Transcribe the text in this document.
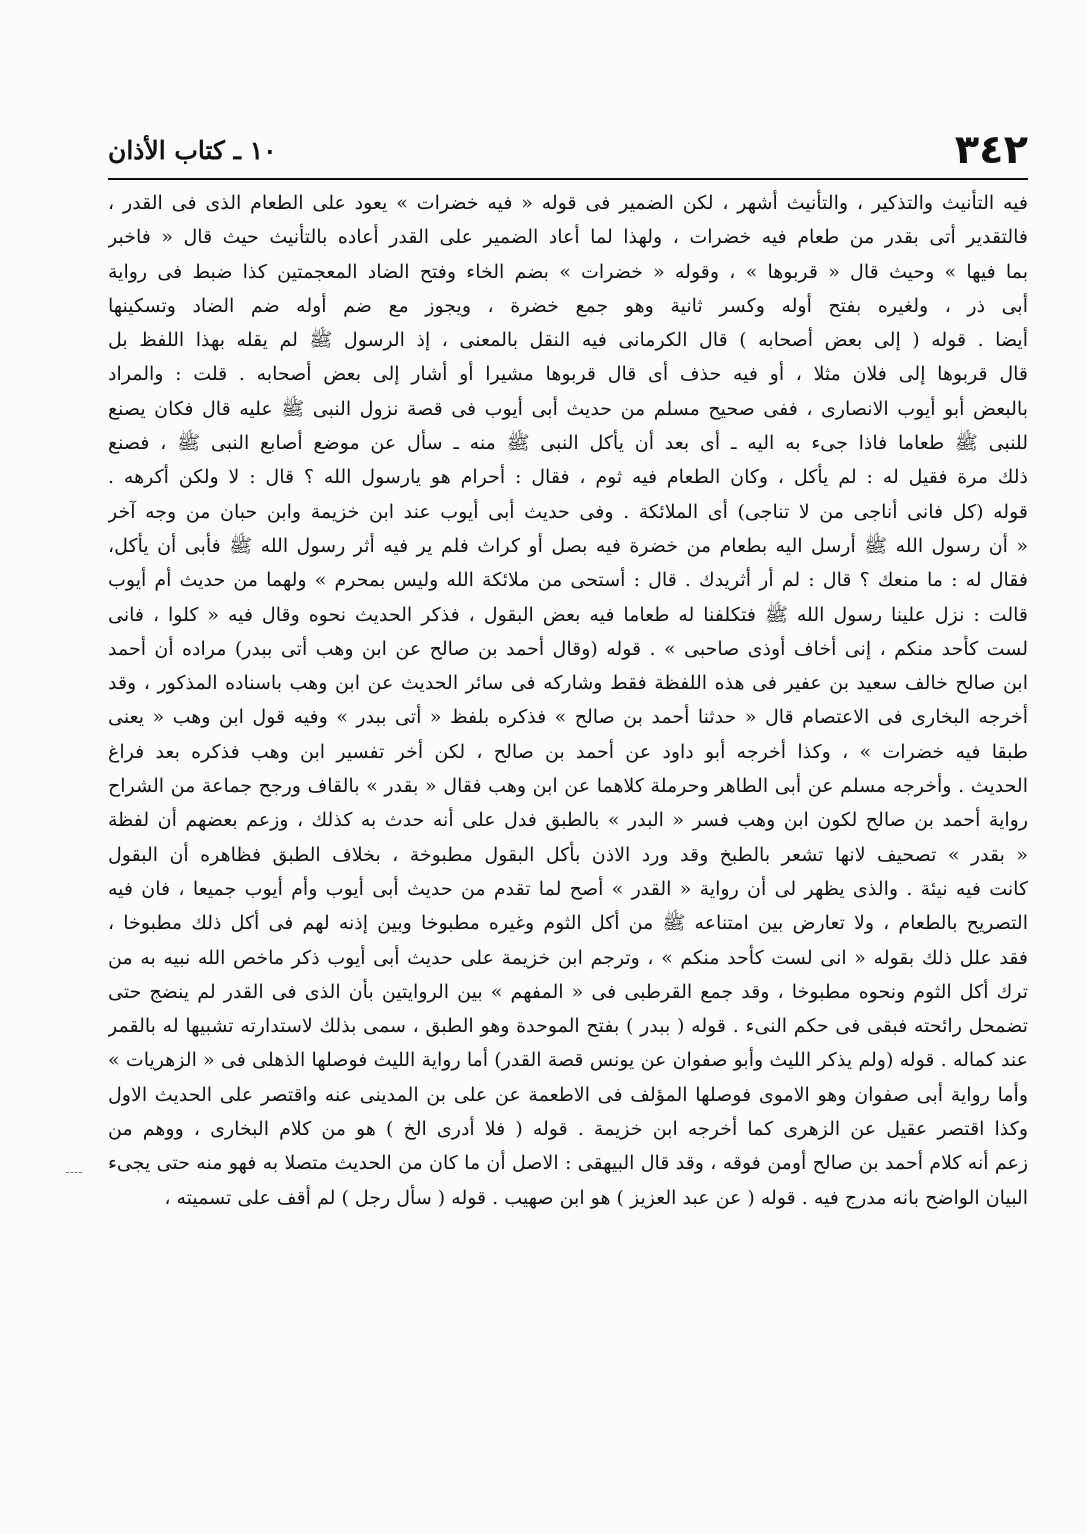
٣٤٢
١٠ ـ كتاب الأذان
فيه التأنيث والتذكير ، والتأنيث أشهر ، لكن الضمير فى قوله « فيه خضرات » يعود على الطعام الذى فى القدر ،
فالتقدير أتى بقدر من طعام فيه خضرات ، ولهذا لما أعاد الضمير على القدر أعاده بالتأنيث حيث قال « فاخبر
بما فيها » وحيث قال « قربوها » ، وقوله « خضرات » بضم الخاء وفتح الضاد المعجمتين كذا ضبط فى رواية
أبى ذر ، ولغيره بفتح أوله وكسر ثانية وهو جمع خضرة ، ويجوز مع ضم أوله ضم الضاد وتسكينها
أيضا . قوله ( إلى بعض أصحابه ) قال الكرمانى فيه النقل بالمعنى ، إذ الرسول ﷺ لم يقله بهذا اللفظ بل
قال قربوها إلى فلان مثلا ، أو فيه حذف أى قال قربوها مشيرا أو أشار إلى بعض أصحابه . قلت : والمراد
بالبعض أبو أيوب الانصارى ، ففى صحيح مسلم من حديث أبى أيوب فى قصة نزول النبى ﷺ عليه قال فكان يصنع
للنبى ﷺ طعاما فاذا جىء به اليه ـ أى بعد أن يأكل النبى ﷺ منه ـ سأل عن موضع أصابع النبى ﷺ ، فصنع
ذلك مرة فقيل له : لم يأكل ، وكان الطعام فيه ثوم ، فقال : أحرام هو يارسول الله ؟ قال : لا ولكن أكرهه .
قوله (كل فانى أناجى من لا تناجى) أى الملائكة . وفى حديث أبى أيوب عند ابن خزيمة وابن حبان من وجه آخر
« أن رسول الله ﷺ أرسل اليه بطعام من خضرة فيه بصل أو كراث فلم ير فيه أثر رسول الله ﷺ فأبى أن يأكل،
فقال له : ما منعك ؟ قال : لم أر أثريدك . قال : أستحى من ملائكة الله وليس بمحرم » ولهما من حديث أم أيوب
قالت : نزل علينا رسول الله ﷺ فتكلفنا له طعاما فيه بعض البقول ، فذكر الحديث نحوه وقال فيه « كلوا ، فانى
لست كأحد منكم ، إنى أخاف أوذى صاحبى » . قوله (وقال أحمد بن صالح عن ابن وهب أتى ببدر) مراده أن أحمد
ابن صالح خالف سعيد بن عفير فى هذه اللفظة فقط وشاركه فى سائر الحديث عن ابن وهب باسناده المذكور ، وقد
أخرجه البخارى فى الاعتصام قال « حدثنا أحمد بن صالح » فذكره بلفظ « أتى ببدر » وفيه قول ابن وهب « يعنى
طبقا فيه خضرات » ، وكذا أخرجه أبو داود عن أحمد بن صالح ، لكن أخر تفسير ابن وهب فذكره بعد فراغ
الحديث . وأخرجه مسلم عن أبى الطاهر وحرملة كلاهما عن ابن وهب فقال « بقدر » بالقاف ورجح جماعة من الشراح
رواية أحمد بن صالح لكون ابن وهب فسر « البدر » بالطبق فدل على أنه حدث به كذلك ، وزعم بعضهم أن لفظة
« بقدر » تصحيف لانها تشعر بالطبخ وقد ورد الاذن بأكل البقول مطبوخة ، بخلاف الطبق فظاهره أن البقول
كانت فيه نيئة . والذى يظهر لى أن رواية « القدر » أصح لما تقدم من حديث أبى أيوب وأم أيوب جميعا ، فان فيه
التصريح بالطعام ، ولا تعارض بين امتناعه ﷺ من أكل الثوم وغيره مطبوخا وبين إذنه لهم فى أكل ذلك مطبوخا ،
فقد علل ذلك بقوله « انى لست كأحد منكم » ، وترجم ابن خزيمة على حديث أبى أيوب ذكر ماخص الله نبيه به من
ترك أكل الثوم ونحوه مطبوخا ، وقد جمع القرطبى فى « المفهم » بين الروايتين بأن الذى فى القدر لم ينضج حتى
تضمحل رائحته فبقى فى حكم النىء . قوله ( ببدر ) بفتح الموحدة وهو الطبق ، سمى بذلك لاستدارته تشبيها له بالقمر
عند كماله . قوله (ولم يذكر الليث وأبو صفوان عن يونس قصة القدر) أما رواية الليث فوصلها الذهلى فى « الزهريات »
وأما رواية أبى صفوان وهو الاموى فوصلها المؤلف فى الاطعمة عن على بن المدينى عنه واقتصر على الحديث الاول
وكذا اقتصر عقيل عن الزهرى كما أخرجه ابن خزيمة . قوله ( فلا أدرى الخ ) هو من كلام البخارى ، ووهم من
زعم أنه كلام أحمد بن صالح أومن فوقه ، وقد قال البيهقى : الاصل أن ما كان من الحديث متصلا به فهو منه حتى يجىء
البيان الواضح بانه مدرج فيه . قوله ( عن عبد العزيز ) هو ابن صهيب . قوله ( سأل رجل ) لم أقف على تسميته ،
